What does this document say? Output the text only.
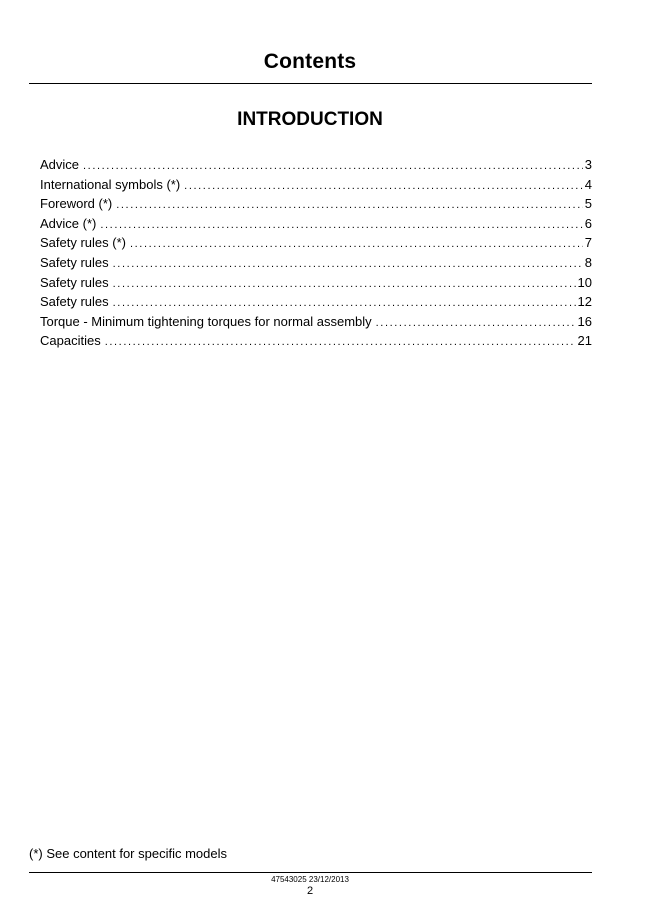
Contents
INTRODUCTION
Advice .....	3
International symbols (*) .....	4
Foreword (*) .....	5
Advice (*) .....	6
Safety rules (*) .....	7
Safety rules .....	8
Safety rules .....	10
Safety rules .....	12
Torque - Minimum tightening torques for normal assembly .....	16
Capacities .....	21
(*) See content for specific models
47543025 23/12/2013
2
